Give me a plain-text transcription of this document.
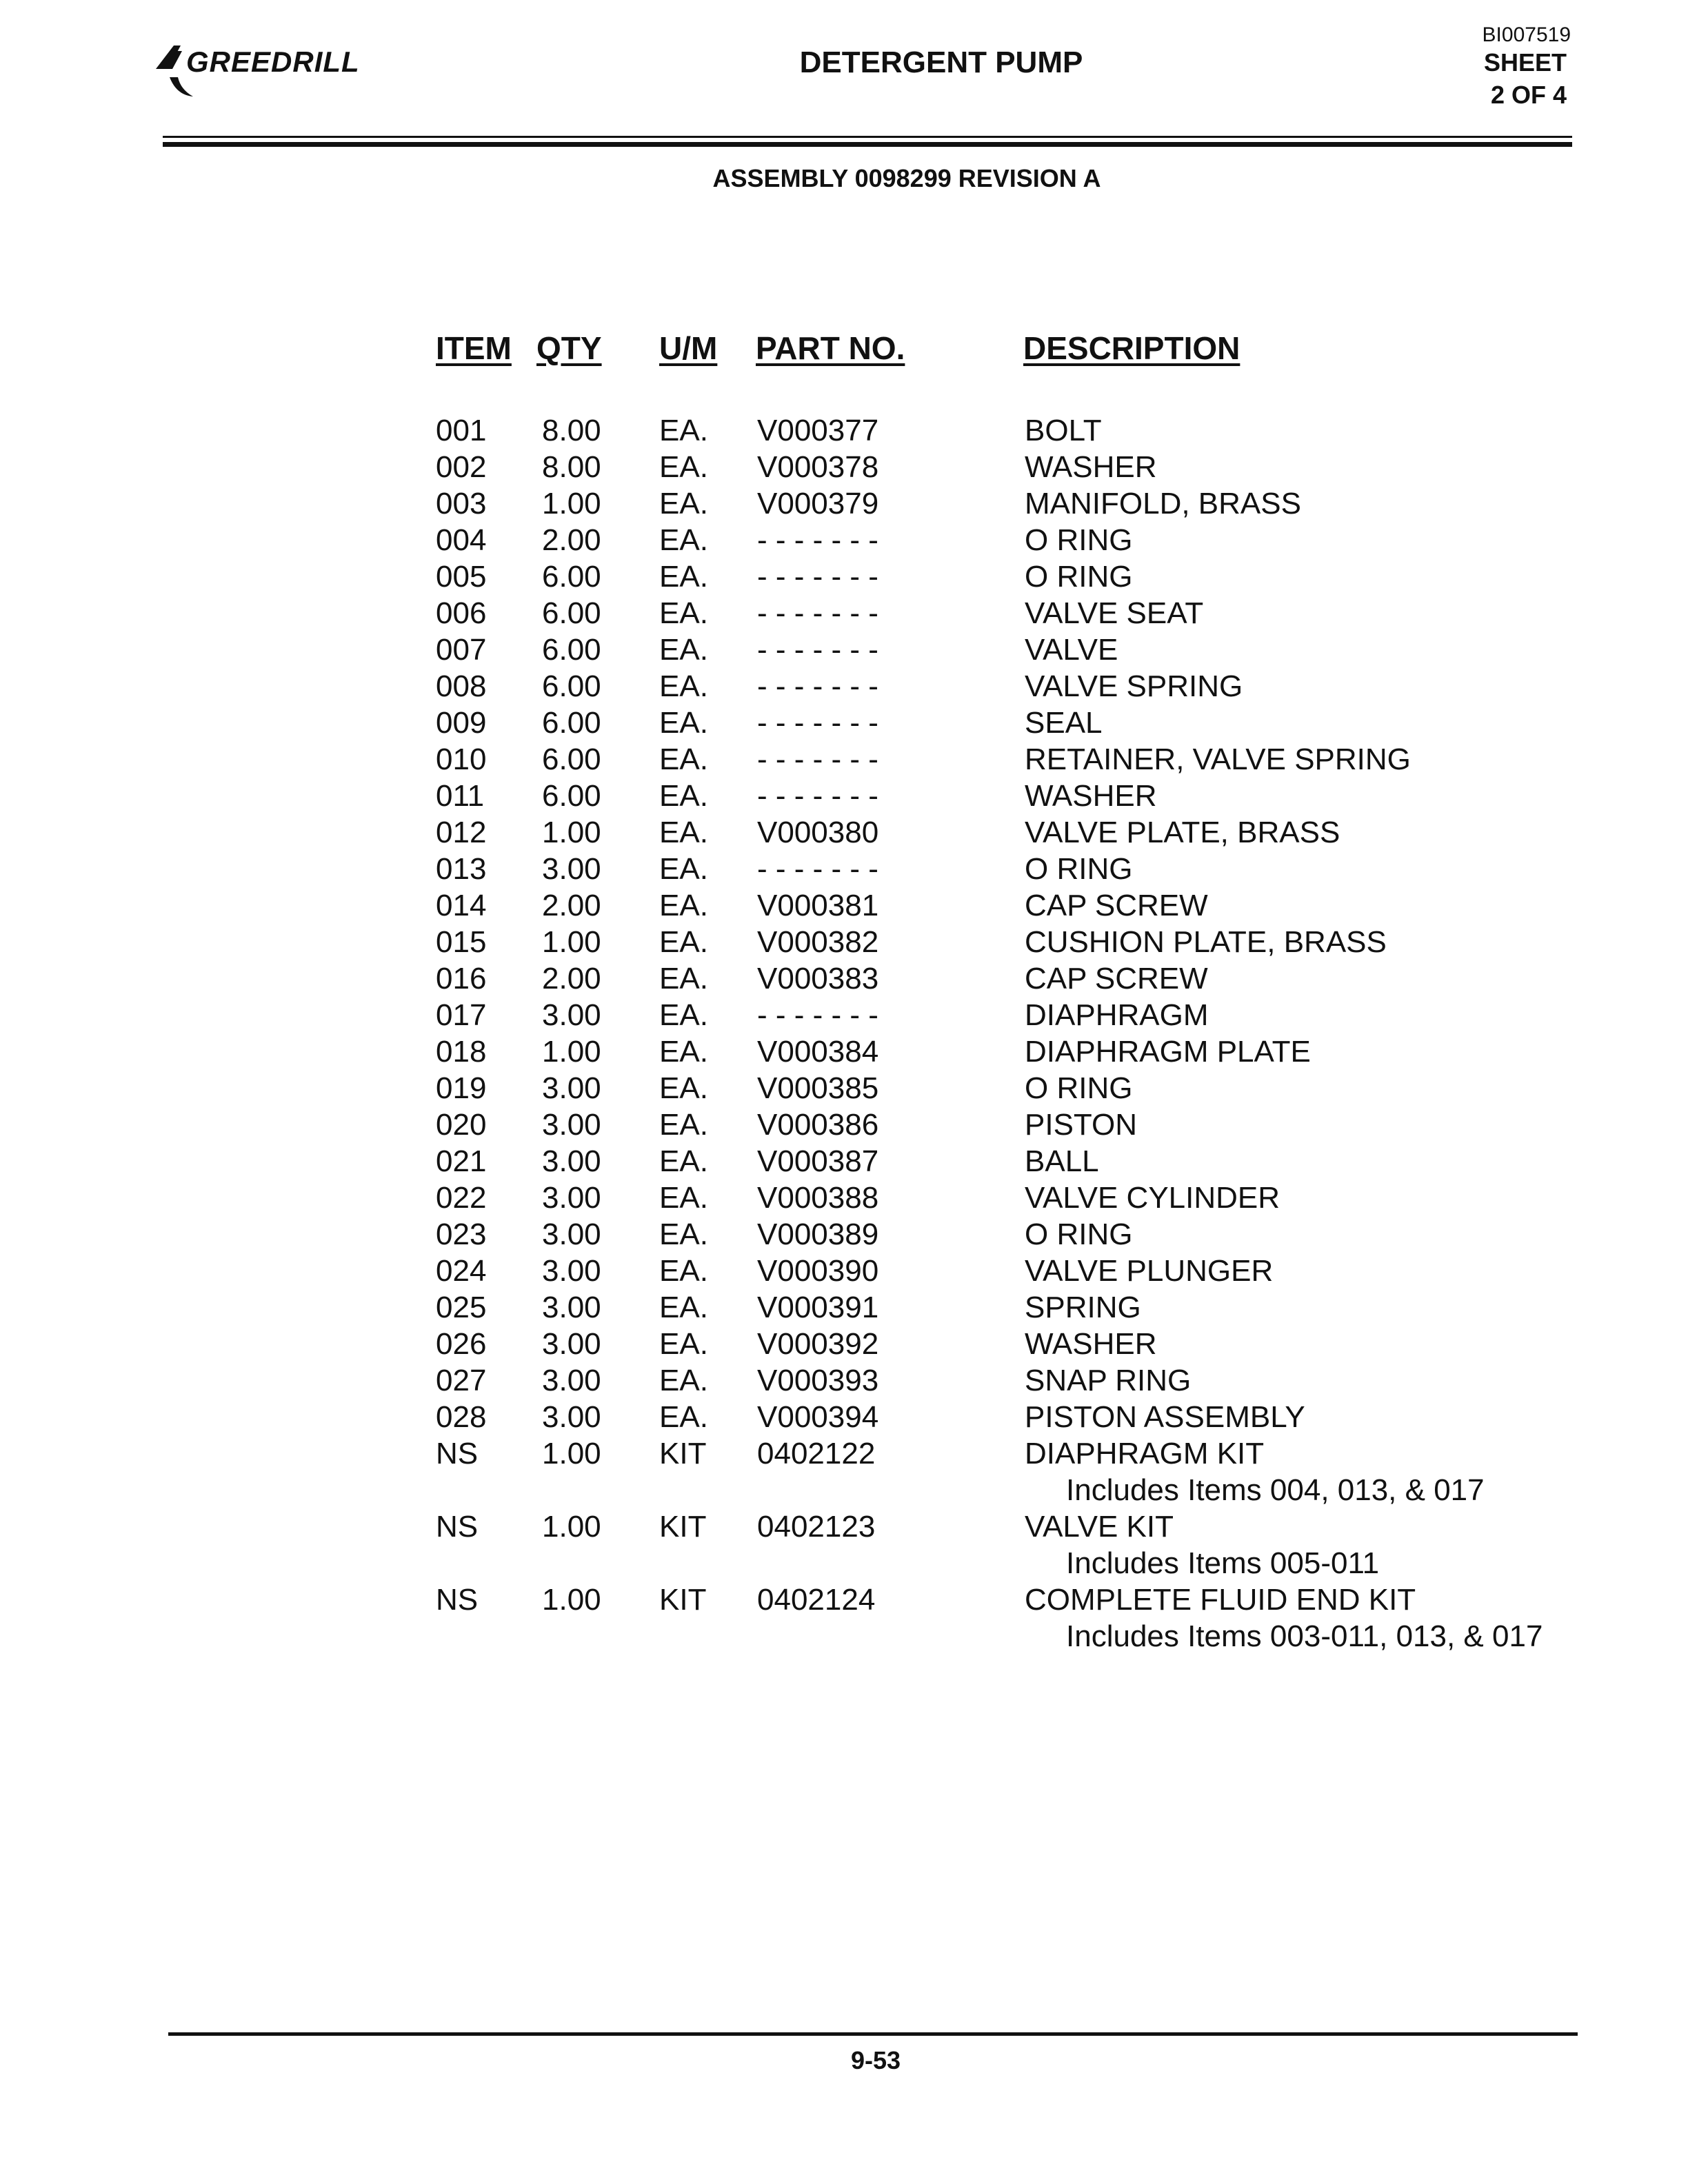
GREEDRILL	DETERGENT PUMP
BI007519
SHEET
2 OF 4
ASSEMBLY 0098299 REVISION A
ITEM QTY U/M PART NO.	DESCRIPTION
001 8.00 EA. V000377	BOLT
002 8.00 EA. V000378	WASHER
003 1.00 EA. V000379	MANIFOLD, BRASS
004 2.00 EA. - - - - - - -	O RING
005 6.00 EA. - - - - - - -	O RING
006 6.00 EA. - - - - - - -	VALVE SEAT
007 6.00 EA. - - - - - - -	VALVE
008 6.00 EA. - - - - - - -	VALVE SPRING
009 6.00 EA. - - - - - - -	SEAL
010 6.00 EA. - - - - - - -	RETAINER, VALVE SPRING
011 6.00 EA. - - - - - - -	WASHER
012 1.00 EA. V000380	VALVE PLATE, BRASS
013 3.00 EA. - - - - - - -	O RING
014 2.00 EA. V000381	CAP SCREW
015 1.00 EA. V000382	CUSHION PLATE, BRASS
016 2.00 EA. V000383	CAP SCREW
017 3.00 EA. - - - - - - -	DIAPHRAGM
018 1.00 EA. V000384	DIAPHRAGM PLATE
019 3.00 EA. V000385	O RING
020 3.00 EA. V000386	PISTON
021 3.00 EA. V000387	BALL
022 3.00 EA. V000388	VALVE CYLINDER
023 3.00 EA. V000389	O RING
024 3.00 EA. V000390	VALVE PLUNGER
025 3.00 EA. V000391	SPRING
026 3.00 EA. V000392	WASHER
027 3.00 EA. V000393	SNAP RING
028 3.00 EA. V000394	PISTON ASSEMBLY
NS 1.00 KIT 0402122	DIAPHRAGM KIT
Includes Items 004, 013, & 017
NS 1.00 KIT 0402123	VALVE KIT
Includes Items 005-011
NS 1.00 KIT 0402124	COMPLETE FLUID END KIT
Includes Items 003-011, 013, & 017
9-53
